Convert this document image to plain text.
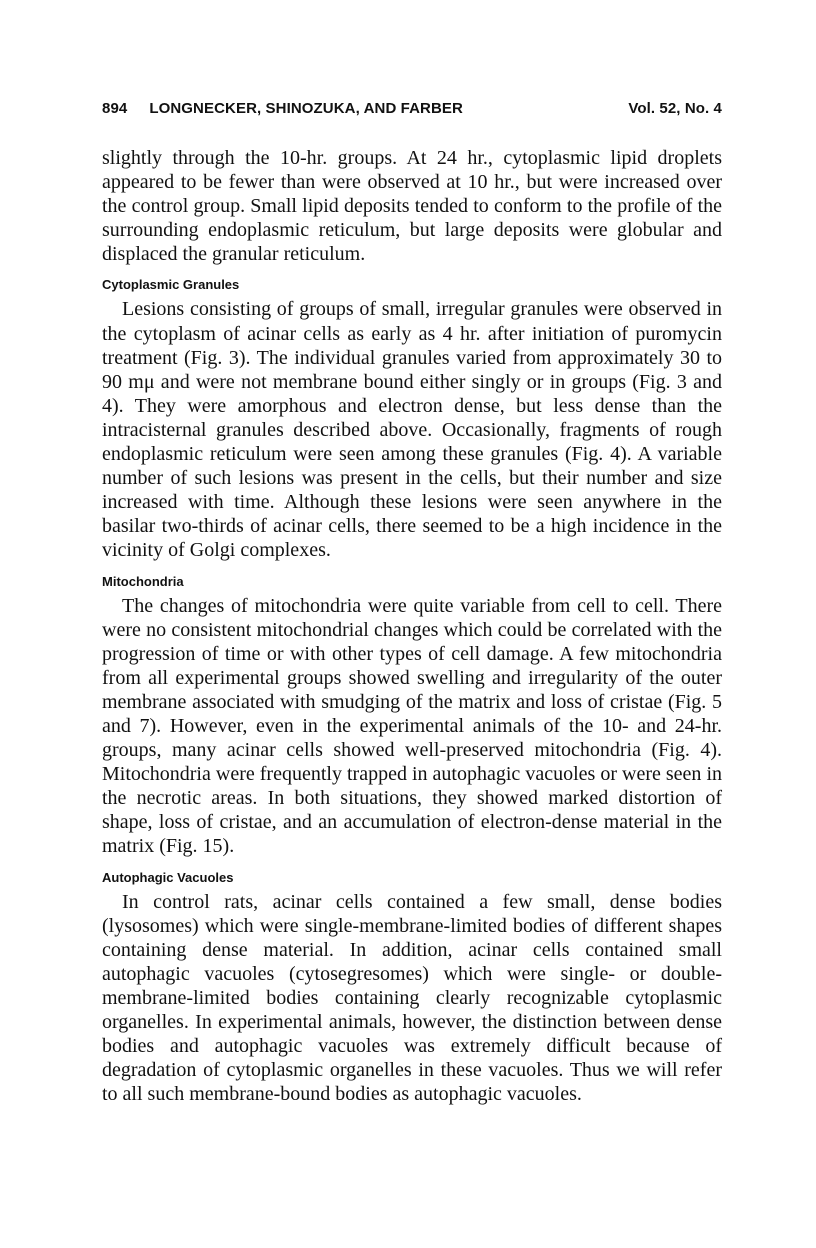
894 LONGNECKER, SHINOZUKA, AND FARBER	Vol. 52, No. 4

slightly through the 10-hr. groups. At 24 hr., cytoplasmic lipid droplets appeared to be fewer than were observed at 10 hr., but were increased over the control group. Small lipid deposits tended to conform to the profile of the surrounding endoplasmic reticulum, but large deposits were globular and displaced the granular reticulum.

Cytoplasmic Granules

Lesions consisting of groups of small, irregular granules were observed in the cytoplasm of acinar cells as early as 4 hr. after initiation of puromycin treatment (Fig. 3). The individual granules varied from approximately 30 to 90 mμ and were not membrane bound either singly or in groups (Fig. 3 and 4). They were amorphous and electron dense, but less dense than the intracisternal granules described above. Occasionally, fragments of rough endoplasmic reticulum were seen among these granules (Fig. 4). A variable number of such lesions was present in the cells, but their number and size increased with time. Although these lesions were seen anywhere in the basilar two-thirds of acinar cells, there seemed to be a high incidence in the vicinity of Golgi complexes.

Mitochondria

The changes of mitochondria were quite variable from cell to cell. There were no consistent mitochondrial changes which could be correlated with the progression of time or with other types of cell damage. A few mitochondria from all experimental groups showed swelling and irregularity of the outer membrane associated with smudging of the matrix and loss of cristae (Fig. 5 and 7). However, even in the experimental animals of the 10- and 24-hr. groups, many acinar cells showed well-preserved mitochondria (Fig. 4). Mitochondria were frequently trapped in autophagic vacuoles or were seen in the necrotic areas. In both situations, they showed marked distortion of shape, loss of cristae, and an accumulation of electron-dense material in the matrix (Fig. 15).

Autophagic Vacuoles

In control rats, acinar cells contained a few small, dense bodies (lysosomes) which were single-membrane-limited bodies of different shapes containing dense material. In addition, acinar cells contained small autophagic vacuoles (cytosegresomes) which were single- or double-membrane-limited bodies containing clearly recognizable cytoplasmic organelles. In experimental animals, however, the distinction between dense bodies and autophagic vacuoles was extremely difficult because of degradation of cytoplasmic organelles in these vacuoles. Thus we will refer to all such membrane-bound bodies as autophagic vacuoles.
